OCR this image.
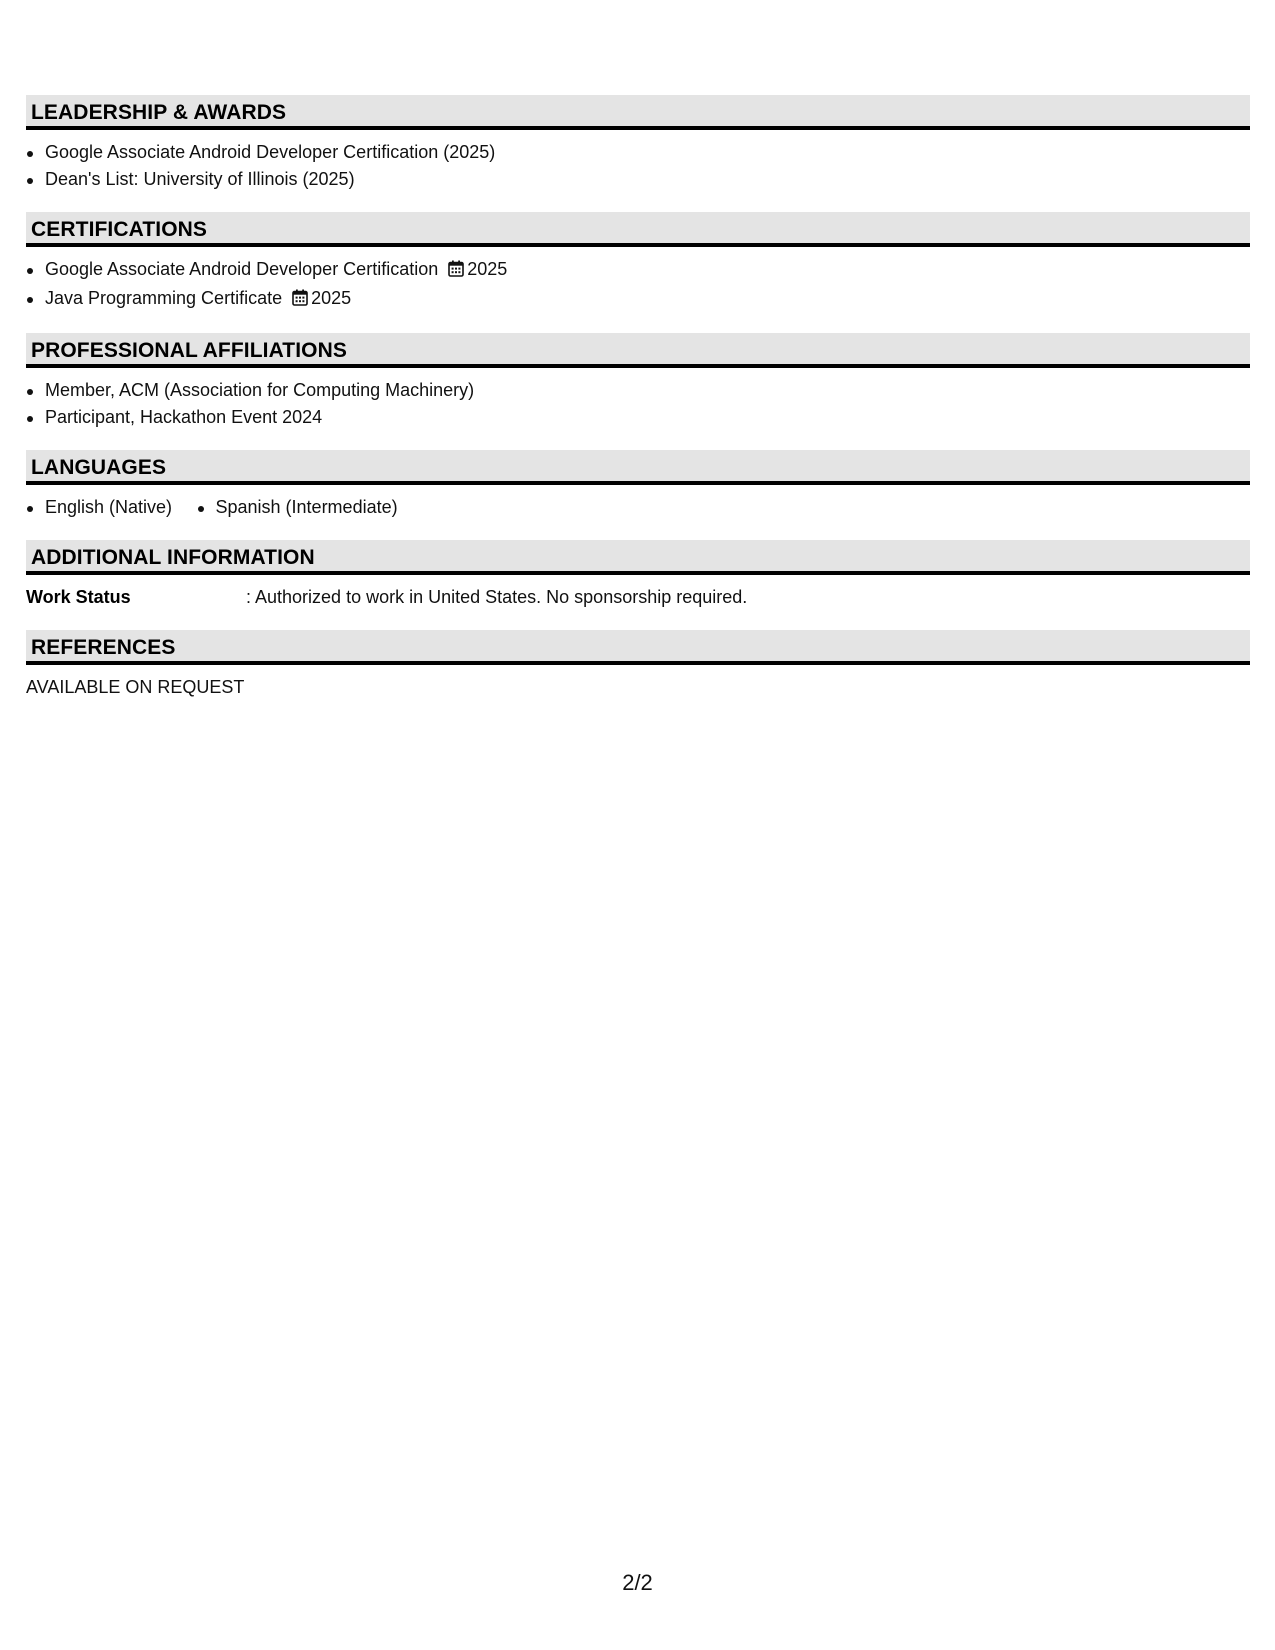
LEADERSHIP & AWARDS
Google Associate Android Developer Certification (2025)
Dean's List: University of Illinois (2025)
CERTIFICATIONS
Google Associate Android Developer Certification 2025
Java Programming Certificate 2025
PROFESSIONAL AFFILIATIONS
Member, ACM (Association for Computing Machinery)
Participant, Hackathon Event 2024
LANGUAGES
English (Native) Spanish (Intermediate)
ADDITIONAL INFORMATION
Work Status	: Authorized to work in United States. No sponsorship required.
REFERENCES
AVAILABLE ON REQUEST
2/2
